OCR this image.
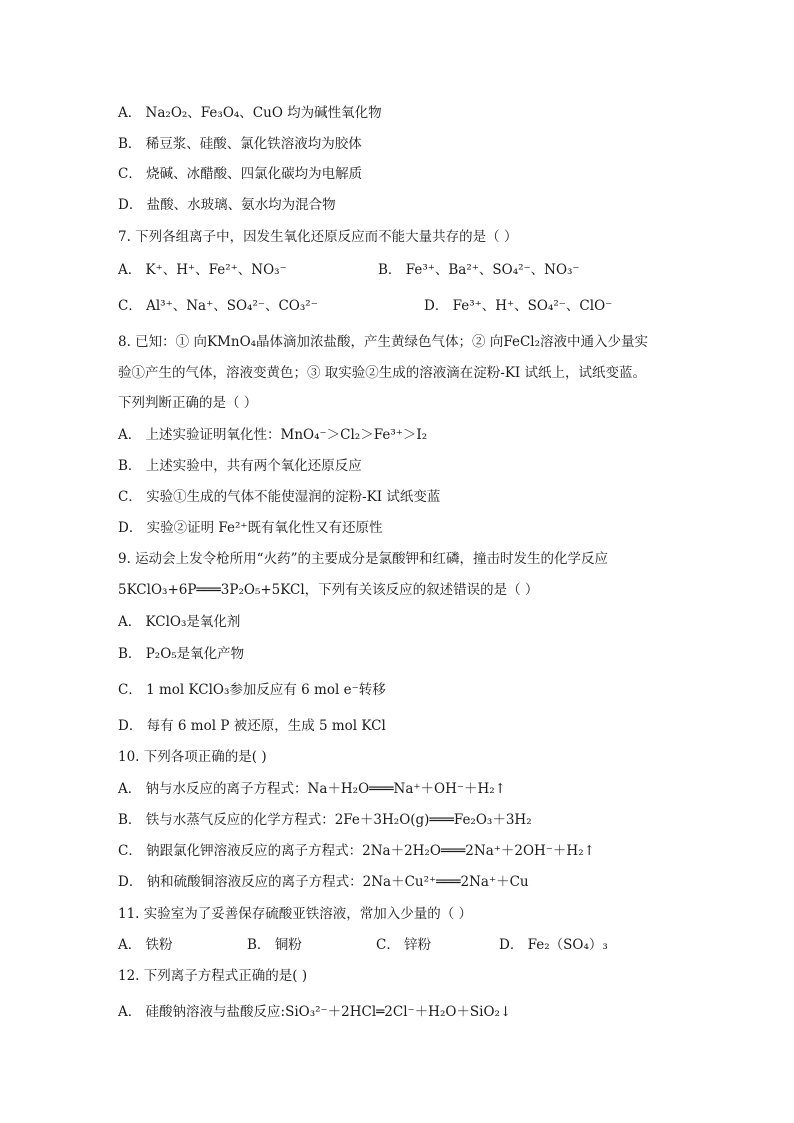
A． Na₂O₂、Fe₃O₄、CuO 均为碱性氧化物
B． 稀豆浆、硅酸、氯化铁溶液均为胶体
C． 烧碱、冰醋酸、四氯化碳均为电解质
D． 盐酸、水玻璃、氨水均为混合物
7. 下列各组离子中，因发生氧化还原反应而不能大量共存的是（ ）
A． K⁺、H⁺、Fe²⁺、NO₃⁻	B． Fe³⁺、Ba²⁺、SO₄²⁻、NO₃⁻
C． Al³⁺、Na⁺、SO₄²⁻、CO₃²⁻	D． Fe³⁺、H⁺、SO₄²⁻、ClO⁻
8. 已知：① 向KMnO₄晶体滴加浓盐酸，产生黄绿色气体；② 向FeCl₂溶液中通入少量实
验①产生的气体，溶液变黄色；③ 取实验②生成的溶液滴在淀粉-KI 试纸上，试纸变蓝。
下列判断正确的是（ ）
A． 上述实验证明氧化性：MnO₄⁻＞Cl₂＞Fe³⁺＞I₂
B． 上述实验中，共有两个氧化还原反应
C． 实验①生成的气体不能使湿润的淀粉-KI 试纸变蓝
D． 实验②证明 Fe²⁺既有氧化性又有还原性
9. 运动会上发令枪所用“火药”的主要成分是氯酸钾和红磷，撞击时发生的化学反应
5KClO₃+6P═══3P₂O₅+5KCl，下列有关该反应的叙述错误的是（ ）
A． KClO₃是氧化剂
B． P₂O₅是氧化产物
C． 1 mol KClO₃参加反应有 6 mol e⁻转移
D． 每有 6 mol P 被还原，生成 5 mol KCl
10. 下列各项正确的是( )
A． 钠与水反应的离子方程式：Na＋H₂O═══Na⁺＋OH⁻＋H₂↑
B． 铁与水蒸气反应的化学方程式：2Fe＋3H₂O(g)═══Fe₂O₃＋3H₂
C． 钠跟氯化钾溶液反应的离子方程式：2Na＋2H₂O═══2Na⁺＋2OH⁻＋H₂↑
D． 钠和硫酸铜溶液反应的离子方程式：2Na＋Cu²⁺═══2Na⁺＋Cu
11. 实验室为了妥善保存硫酸亚铁溶液，常加入少量的（ ）
A． 铁粉	B． 铜粉	C． 锌粉	D． Fe₂（SO₄）₃
12. 下列离子方程式正确的是( )
A． 硅酸钠溶液与盐酸反应:SiO₃²⁻＋2HCl═2Cl⁻＋H₂O＋SiO₂↓
